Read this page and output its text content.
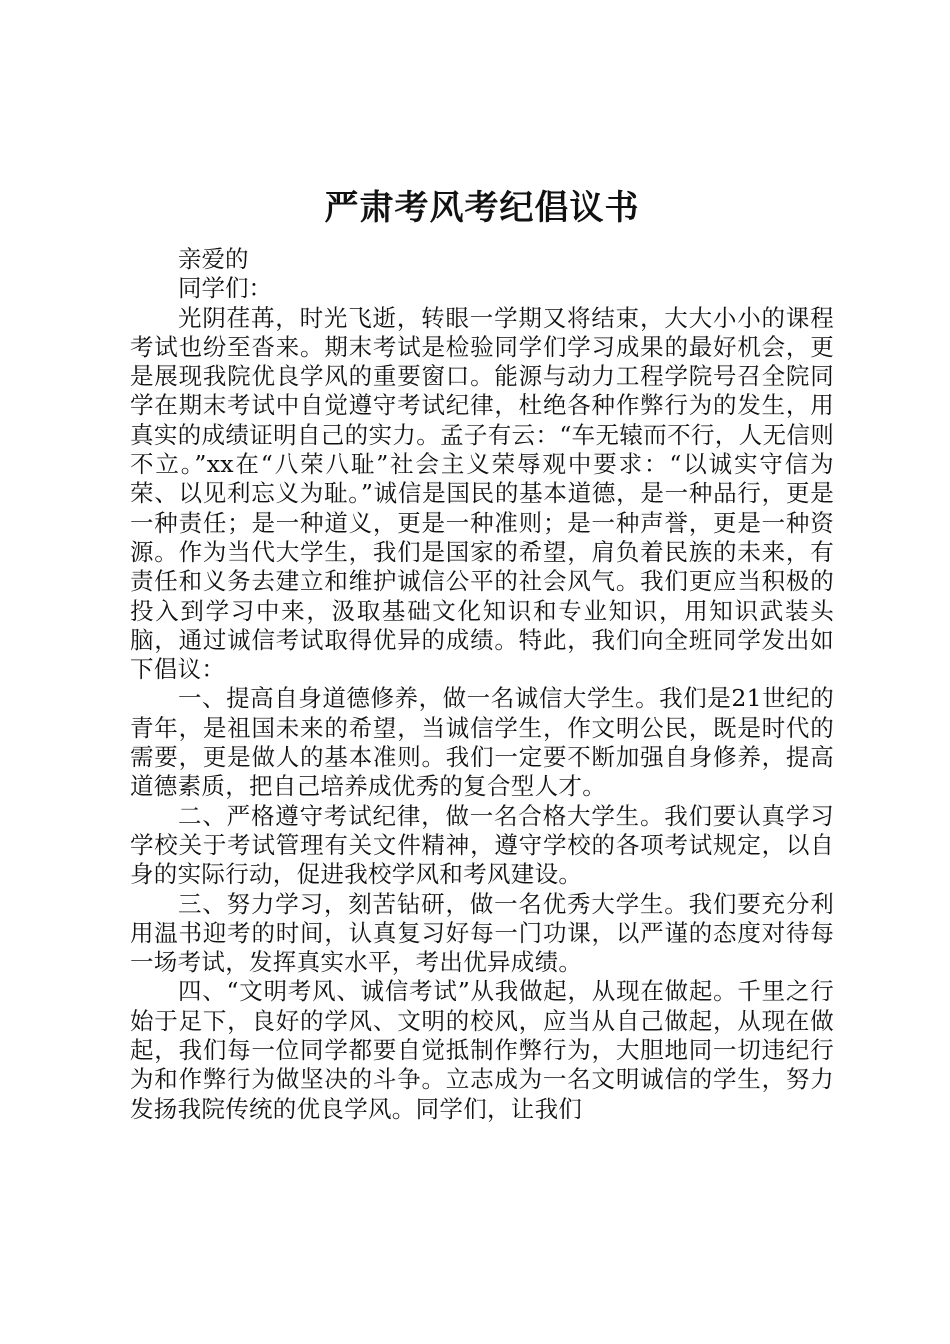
严肃考风考纪倡议书

亲爱的

同学们：

光阴荏苒，时光飞逝，转眼一学期又将结束，大大小小的课程考试也纷至沓来。期末考试是检验同学们学习成果的最好机会，更是展现我院优良学风的重要窗口。能源与动力工程学院号召全院同学在期末考试中自觉遵守考试纪律，杜绝各种作弊行为的发生，用真实的成绩证明自己的实力。孟子有云：“车无辕而不行，人无信则不立。”xx在“八荣八耻”社会主义荣辱观中要求：“以诚实守信为荣、以见利忘义为耻。”诚信是国民的基本道德，是一种品行，更是一种责任；是一种道义，更是一种准则；是一种声誉，更是一种资源。作为当代大学生，我们是国家的希望，肩负着民族的未来，有责任和义务去建立和维护诚信公平的社会风气。我们更应当积极的投入到学习中来，汲取基础文化知识和专业知识，用知识武装头脑，通过诚信考试取得优异的成绩。特此，我们向全班同学发出如下倡议：

一、提高自身道德修养，做一名诚信大学生。我们是21世纪的青年，是祖国未来的希望，当诚信学生，作文明公民，既是时代的需要，更是做人的基本准则。我们一定要不断加强自身修养，提高道德素质，把自己培养成优秀的复合型人才。

二、严格遵守考试纪律，做一名合格大学生。我们要认真学习学校关于考试管理有关文件精神，遵守学校的各项考试规定，以自身的实际行动，促进我校学风和考风建设。

三、努力学习，刻苦钻研，做一名优秀大学生。我们要充分利用温书迎考的时间，认真复习好每一门功课，以严谨的态度对待每一场考试，发挥真实水平，考出优异成绩。

四、“文明考风、诚信考试”从我做起，从现在做起。千里之行始于足下，良好的学风、文明的校风，应当从自己做起，从现在做起，我们每一位同学都要自觉抵制作弊行为，大胆地同一切违纪行为和作弊行为做坚决的斗争。立志成为一名文明诚信的学生，努力发扬我院传统的优良学风。同学们，让我们
